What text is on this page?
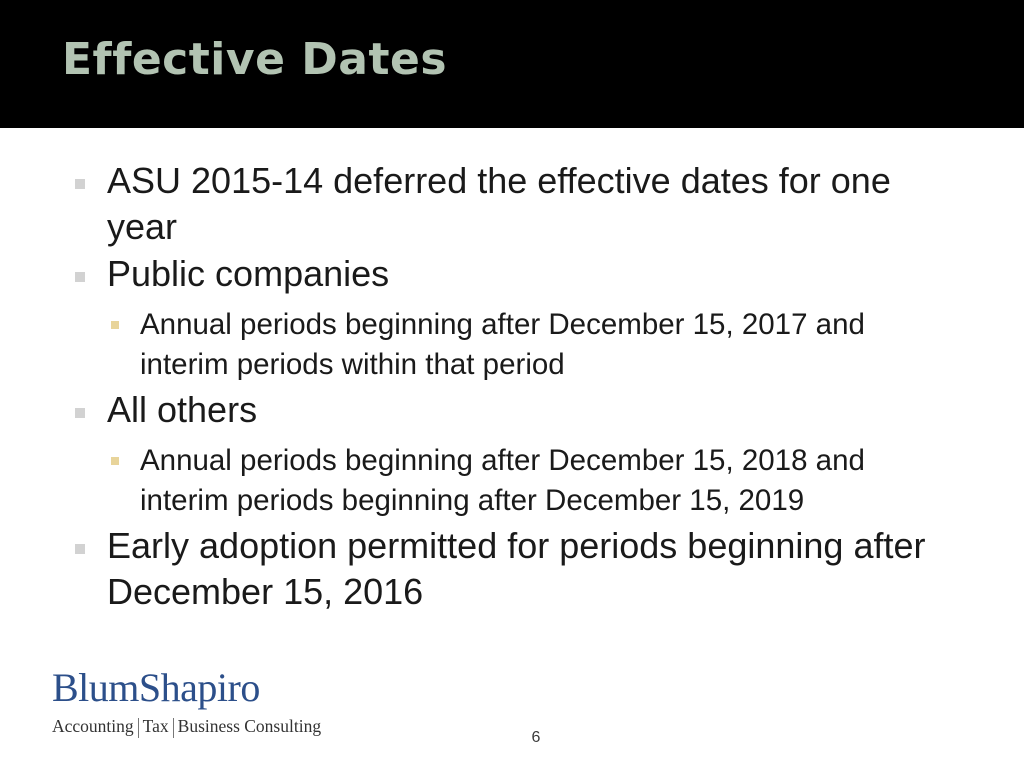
Effective Dates
ASU 2015-14 deferred the effective dates for one year
Public companies
Annual periods beginning after December 15, 2017 and interim periods within that period
All others
Annual periods beginning after December 15, 2018 and interim periods beginning after December 15, 2019
Early adoption permitted for periods beginning after December 15, 2016
BlumShapiro
Accounting Tax Business Consulting
6
